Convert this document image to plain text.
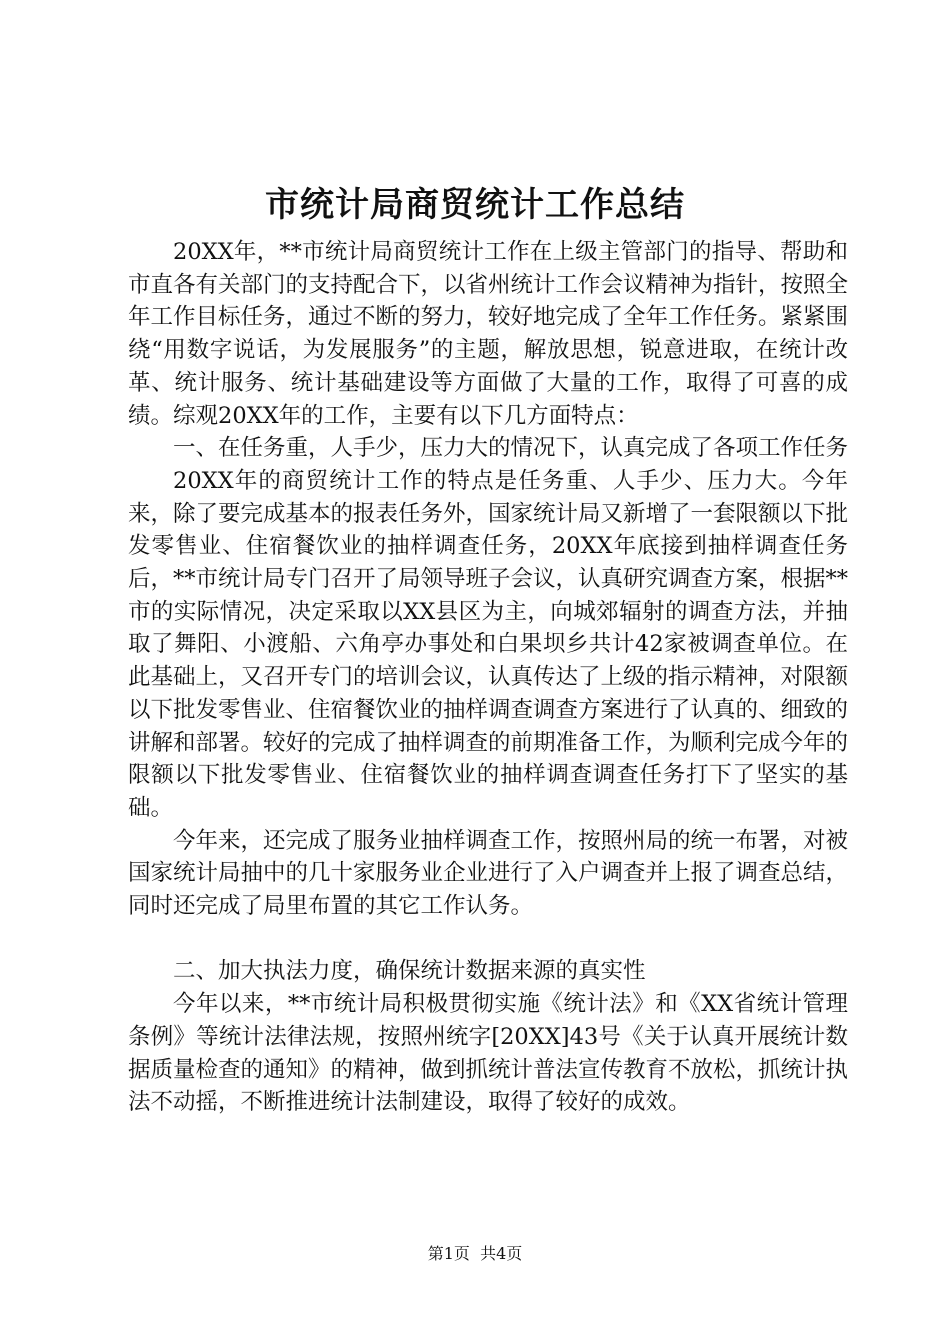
市统计局商贸统计工作总结

20XX年，**市统计局商贸统计工作在上级主管部门的指导、帮助和市直各有关部门的支持配合下，以省州统计工作会议精神为指针，按照全年工作目标任务，通过不断的努力，较好地完成了全年工作任务。紧紧围绕“用数字说话，为发展服务”的主题，解放思想，锐意进取，在统计改革、统计服务、统计基础建设等方面做了大量的工作，取得了可喜的成绩。综观20XX年的工作，主要有以下几方面特点：

一、在任务重，人手少，压力大的情况下，认真完成了各项工作任务

20XX年的商贸统计工作的特点是任务重、人手少、压力大。今年来，除了要完成基本的报表任务外，国家统计局又新增了一套限额以下批发零售业、住宿餐饮业的抽样调查任务，20XX年底接到抽样调查任务后，**市统计局专门召开了局领导班子会议，认真研究调查方案，根据**市的实际情况，决定采取以XX县区为主，向城郊辐射的调查方法，并抽取了舞阳、小渡船、六角亭办事处和白果坝乡共计42家被调查单位。在此基础上，又召开专门的培训会议，认真传达了上级的指示精神，对限额以下批发零售业、住宿餐饮业的抽样调查调查方案进行了认真的、细致的讲解和部署。较好的完成了抽样调查的前期准备工作，为顺利完成今年的限额以下批发零售业、住宿餐饮业的抽样调查调查任务打下了坚实的基础。

今年来，还完成了服务业抽样调查工作，按照州局的统一布署，对被国家统计局抽中的几十家服务业企业进行了入户调查并上报了调查总结，同时还完成了局里布置的其它工作认务。

二、加大执法力度，确保统计数据来源的真实性

今年以来，**市统计局积极贯彻实施《统计法》和《XX省统计管理条例》等统计法律法规，按照州统字[20XX]43号《关于认真开展统计数据质量检查的通知》的精神，做到抓统计普法宣传教育不放松，抓统计执法不动摇，不断推进统计法制建设，取得了较好的成效。

第1页 共4页
